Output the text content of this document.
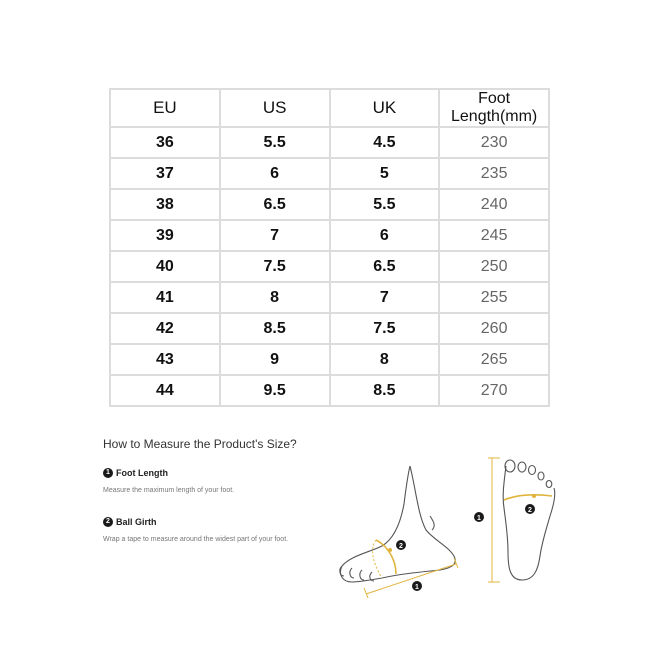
EU	US	UK	Foot Length(mm)
36	5.5	4.5	230
37	6	5	235
38	6.5	5.5	240
39	7	6	245
40	7.5	6.5	250
41	8	7	255
42	8.5	7.5	260
43	9	8	265
44	9.5	8.5	270
How to Measure the Product's Size?
1 Foot Length
Measure the maximum length of your foot.
2 Ball Girth
Wrap a tape to measure around the widest part of your foot.
1
2
1
2
